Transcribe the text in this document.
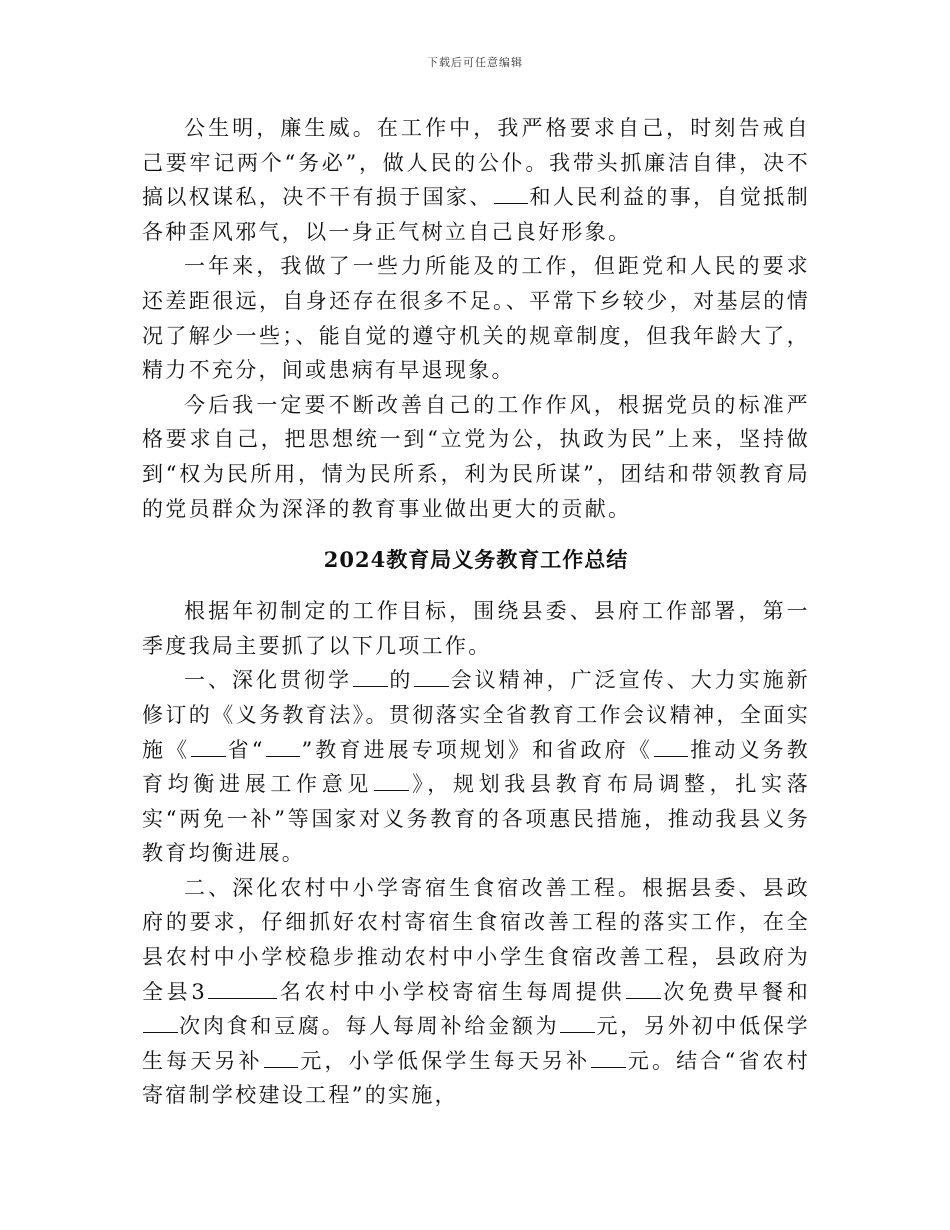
下载后可任意编辑

公生明，廉生威。在工作中，我严格要求自己，时刻告戒自己要牢记两个“务必”，做人民的公仆。我带头抓廉洁自律，决不搞以权谋私，决不干有损于国家、 和人民利益的事，自觉抵制各种歪风邪气，以一身正气树立自己良好形象。

一年来，我做了一些力所能及的工作，但距党和人民的要求还差距很远，自身还存在很多不足。、平常下乡较少，对基层的情况了解少一些；、能自觉的遵守机关的规章制度，但我年龄大了，精力不充分，间或患病有早退现象。

今后我一定要不断改善自己的工作作风，根据党员的标准严格要求自己，把思想统一到“立党为公，执政为民”上来，坚持做到“权为民所用，情为民所系，利为民所谋”，团结和带领教育局的党员群众为深泽的教育事业做出更大的贡献。

2024教育局义务教育工作总结

根据年初制定的工作目标，围绕县委、县府工作部署，第一季度我局主要抓了以下几项工作。

一、深化贯彻学 的 会议精神，广泛宣传、大力实施新修订的《义务教育法》。贯彻落实全省教育工作会议精神，全面实施《 省“ ”教育进展专项规划》和省政府《 推动义务教育均衡进展工作意见 》，规划我县教育布局调整，扎实落实“两免一补”等国家对义务教育的各项惠民措施，推动我县义务教育均衡进展。

二、深化农村中小学寄宿生食宿改善工程。根据县委、县政府的要求，仔细抓好农村寄宿生食宿改善工程的落实工作，在全县农村中小学校稳步推动农村中小学生食宿改善工程，县政府为全县3	名农村中小学校寄宿生每周提供 次免费早餐和次肉食和豆腐。每人每周补给金额为 元，另外初中低保学生每天另补 元，小学低保学生每天另补 元。结合“省农村寄宿制学校建设工程”的实施，
